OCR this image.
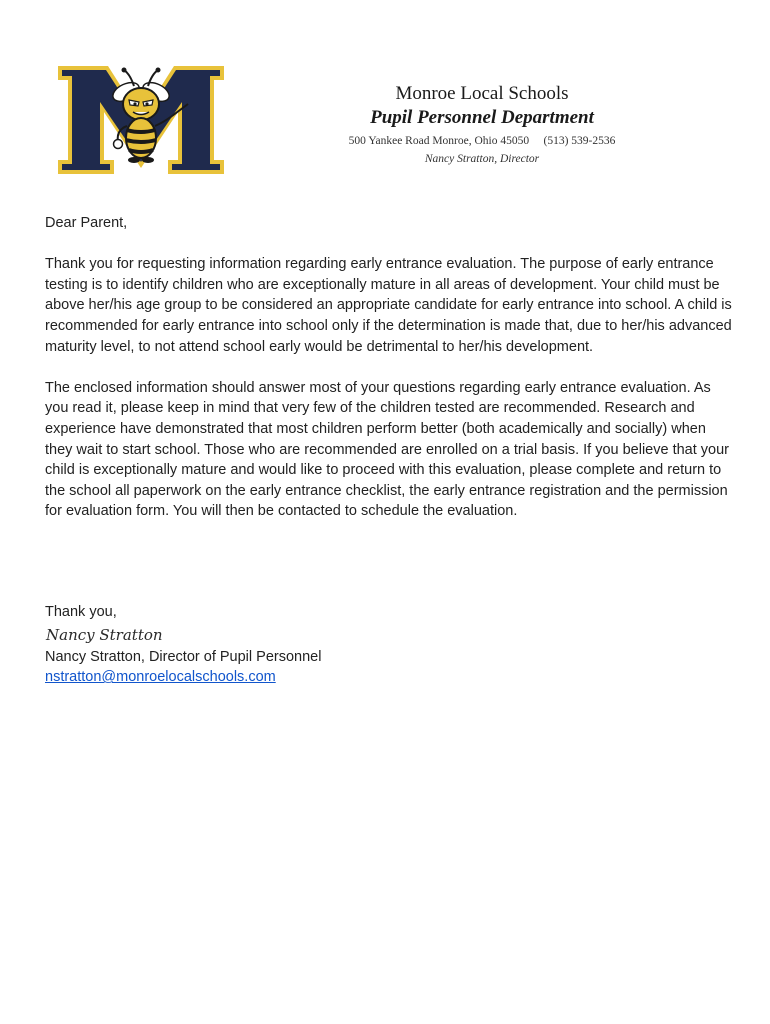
Monroe Local Schools
Pupil Personnel Department
500 Yankee Road Monroe, Ohio 45050     (513) 539-2536
Nancy Stratton, Director

Dear Parent,

Thank you for requesting information regarding early entrance evaluation. The purpose of early entrance testing is to identify children who are exceptionally mature in all areas of development. Your child must be above her/his age group to be considered an appropriate candidate for early entrance into school. A child is recommended for early entrance into school only if the determination is made that, due to her/his advanced maturity level, to not attend school early would be detrimental to her/his development.

The enclosed information should answer most of your questions regarding early entrance evaluation. As you read it, please keep in mind that very few of the children tested are recommended. Research and experience have demonstrated that most children perform better (both academically and socially) when they wait to start school. Those who are recommended are enrolled on a trial basis. If you believe that your child is exceptionally mature and would like to proceed with this evaluation, please complete and return to the school all paperwork on the early entrance checklist, the early entrance registration and the permission for evaluation form. You will then be contacted to schedule the evaluation.

Thank you,

Nancy Stratton

Nancy Stratton, Director of Pupil Personnel

nstratton@monroelocalschools.com
